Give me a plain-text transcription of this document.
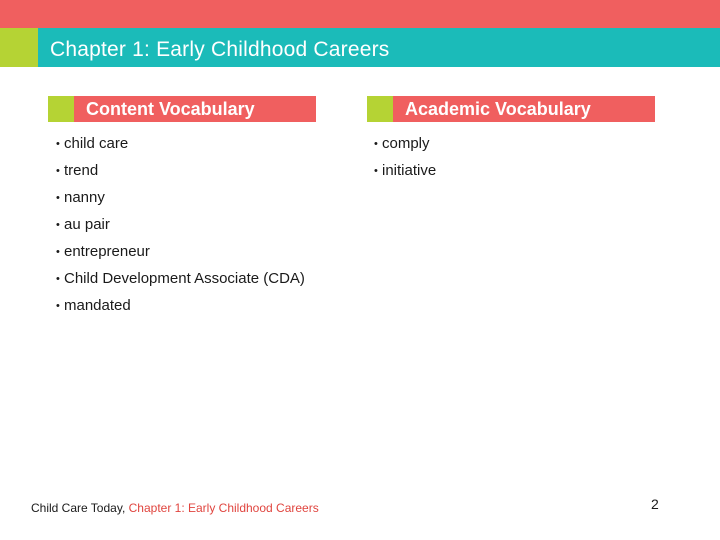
Chapter 1: Early Childhood Careers
Content Vocabulary	Academic Vocabulary
• child care
• trend
• nanny
• au pair
• entrepreneur
• Child Development Associate (CDA)
• mandated
• comply
• initiative
Child Care Today, Chapter 1: Early Childhood Careers	2
